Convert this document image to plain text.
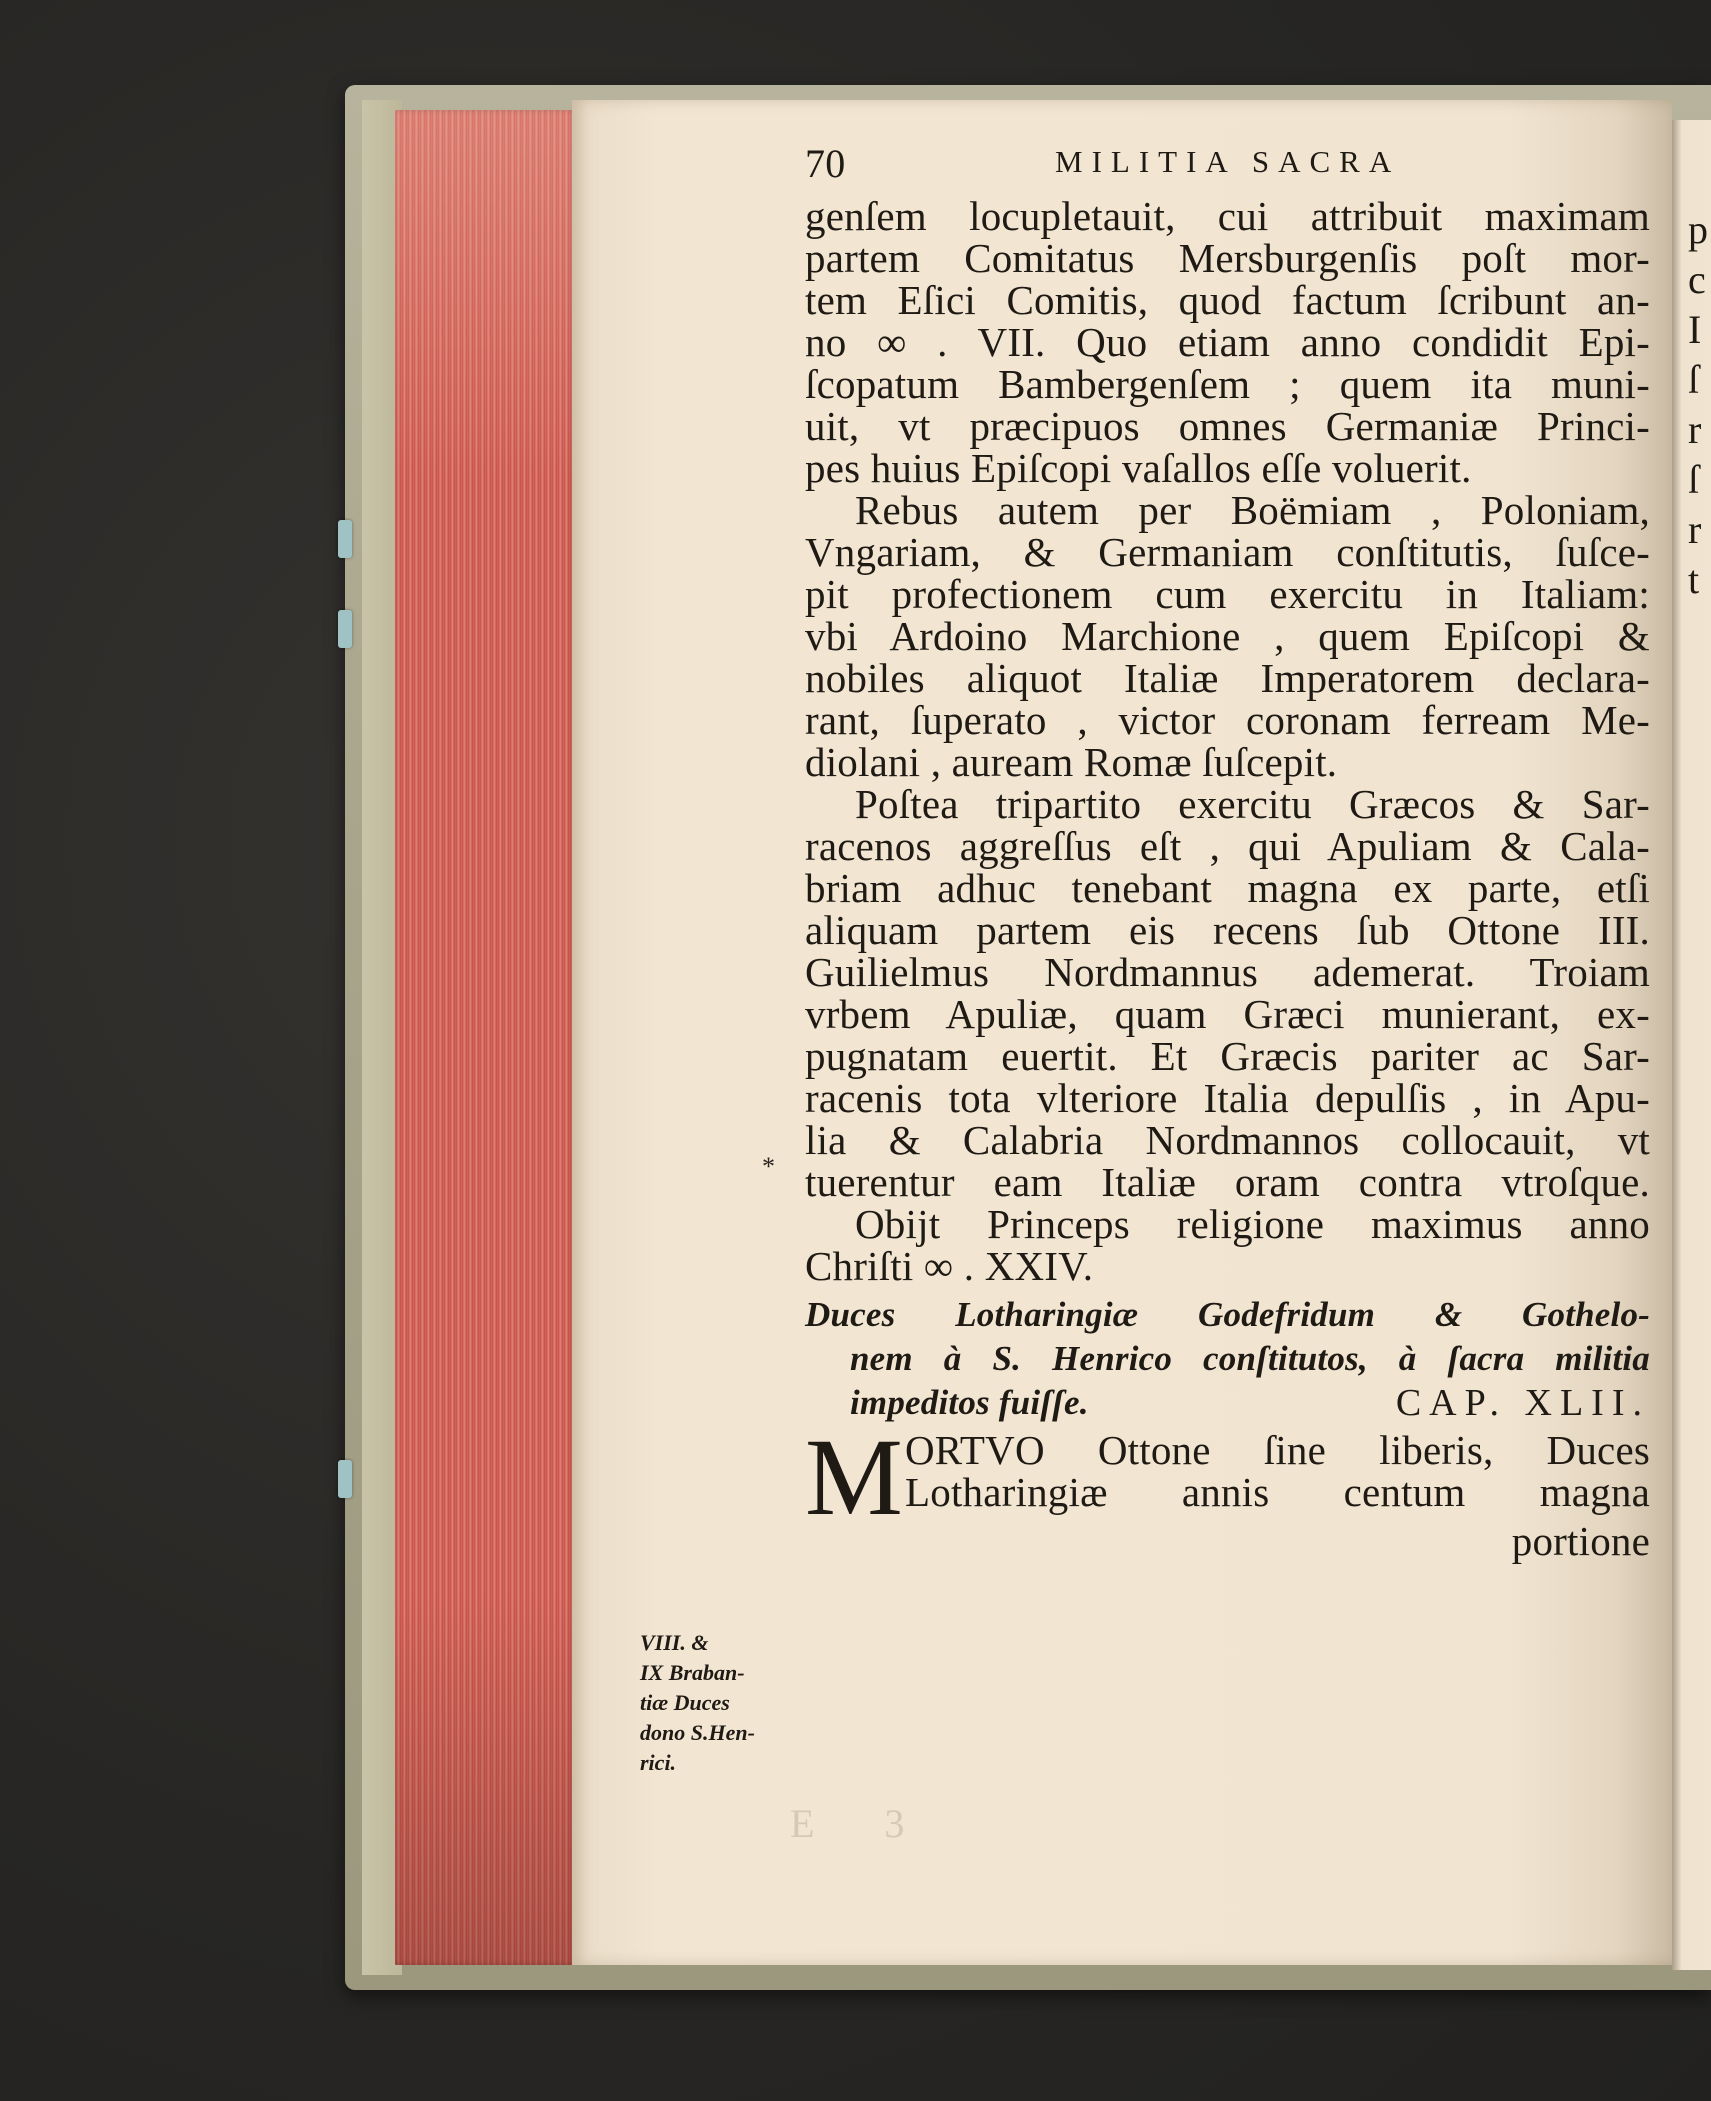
p
c
I
ſ
r
ſ
r
t
E 3
70	MILITIA SACRA
genſem locupletauit, cui attribuit maximam
partem Comitatus Mersburgenſis poſt mor-
tem Eſici Comitis, quod factum ſcribunt an-
no ∞ . VII. Quo etiam anno condidit Epi-
ſcopatum Bambergenſem ; quem ita muni-
uit, vt præcipuos omnes Germaniæ Princi-
pes huius Epiſcopi vaſallos eſſe voluerit.
Rebus autem per Boëmiam , Poloniam,
Vngariam, & Germaniam conſtitutis, ſuſce-
pit profectionem cum exercitu in Italiam:
vbi Ardoino Marchione , quem Epiſcopi &
nobiles aliquot Italiæ Imperatorem declara-
rant, ſuperato , victor coronam ferream Me-
diolani , auream Romæ ſuſcepit.
Poſtea tripartito exercitu Græcos & Sar-
racenos aggreſſus eſt , qui Apuliam & Cala-
briam adhuc tenebant magna ex parte, etſi
aliquam partem eis recens ſub Ottone III.
Guilielmus Nordmannus ademerat. Troiam
vrbem Apuliæ, quam Græci munierant, ex-
pugnatam euertit. Et Græcis pariter ac Sar-
racenis tota vlteriore Italia depulſis , in Apu-
lia & Calabria Nordmannos collocauit, vt
tuerentur eam Italiæ oram contra vtroſque.
Obijt Princeps religione maximus anno
Chriſti ∞ . XXIV.
Duces Lotharingiæ Godefridum & Gothelo-
nem à S. Henrico conſtitutos, à ſacra militia
impeditos fuiſſe.	CAP. XLII.
M ORTVO Ottone ſine liberis, Duces
Lotharingiæ annis centum magna
portione
VIII. &
IX Braban-
tiæ Duces
dono S.Hen-
rici.
*
